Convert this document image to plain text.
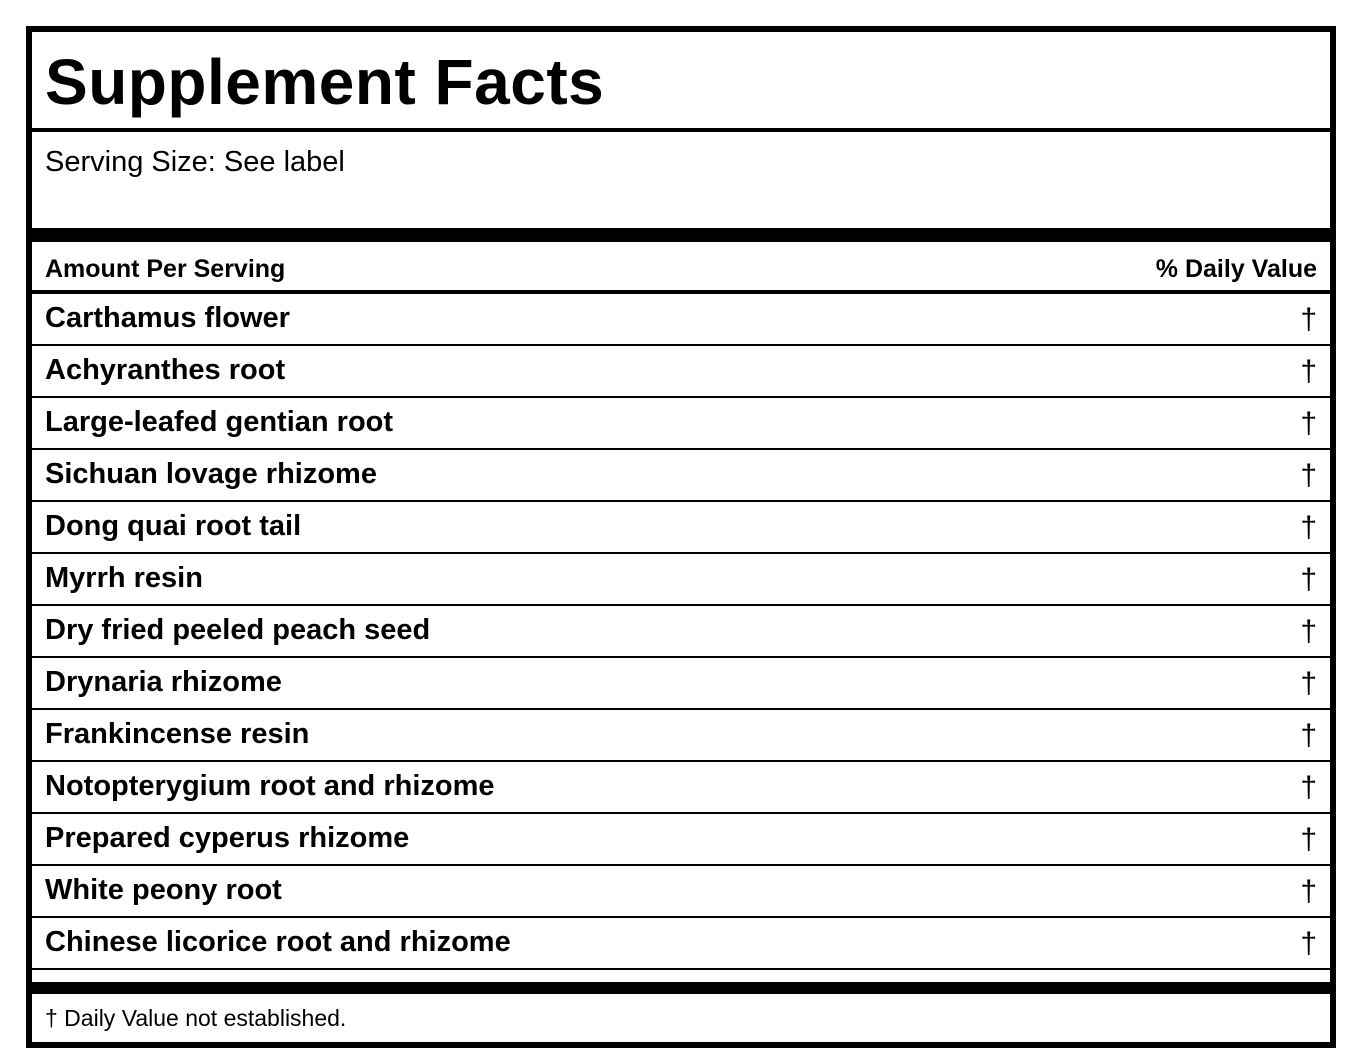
Supplement Facts
Serving Size: See label
Amount Per Serving	% Daily Value
Carthamus flower	†
Achyranthes root	†
Large-leafed gentian root	†
Sichuan lovage rhizome	†
Dong quai root tail	†
Myrrh resin	†
Dry fried peeled peach seed	†
Drynaria rhizome	†
Frankincense resin	†
Notopterygium root and rhizome	†
Prepared cyperus rhizome	†
White peony root	†
Chinese licorice root and rhizome	†
† Daily Value not established.
